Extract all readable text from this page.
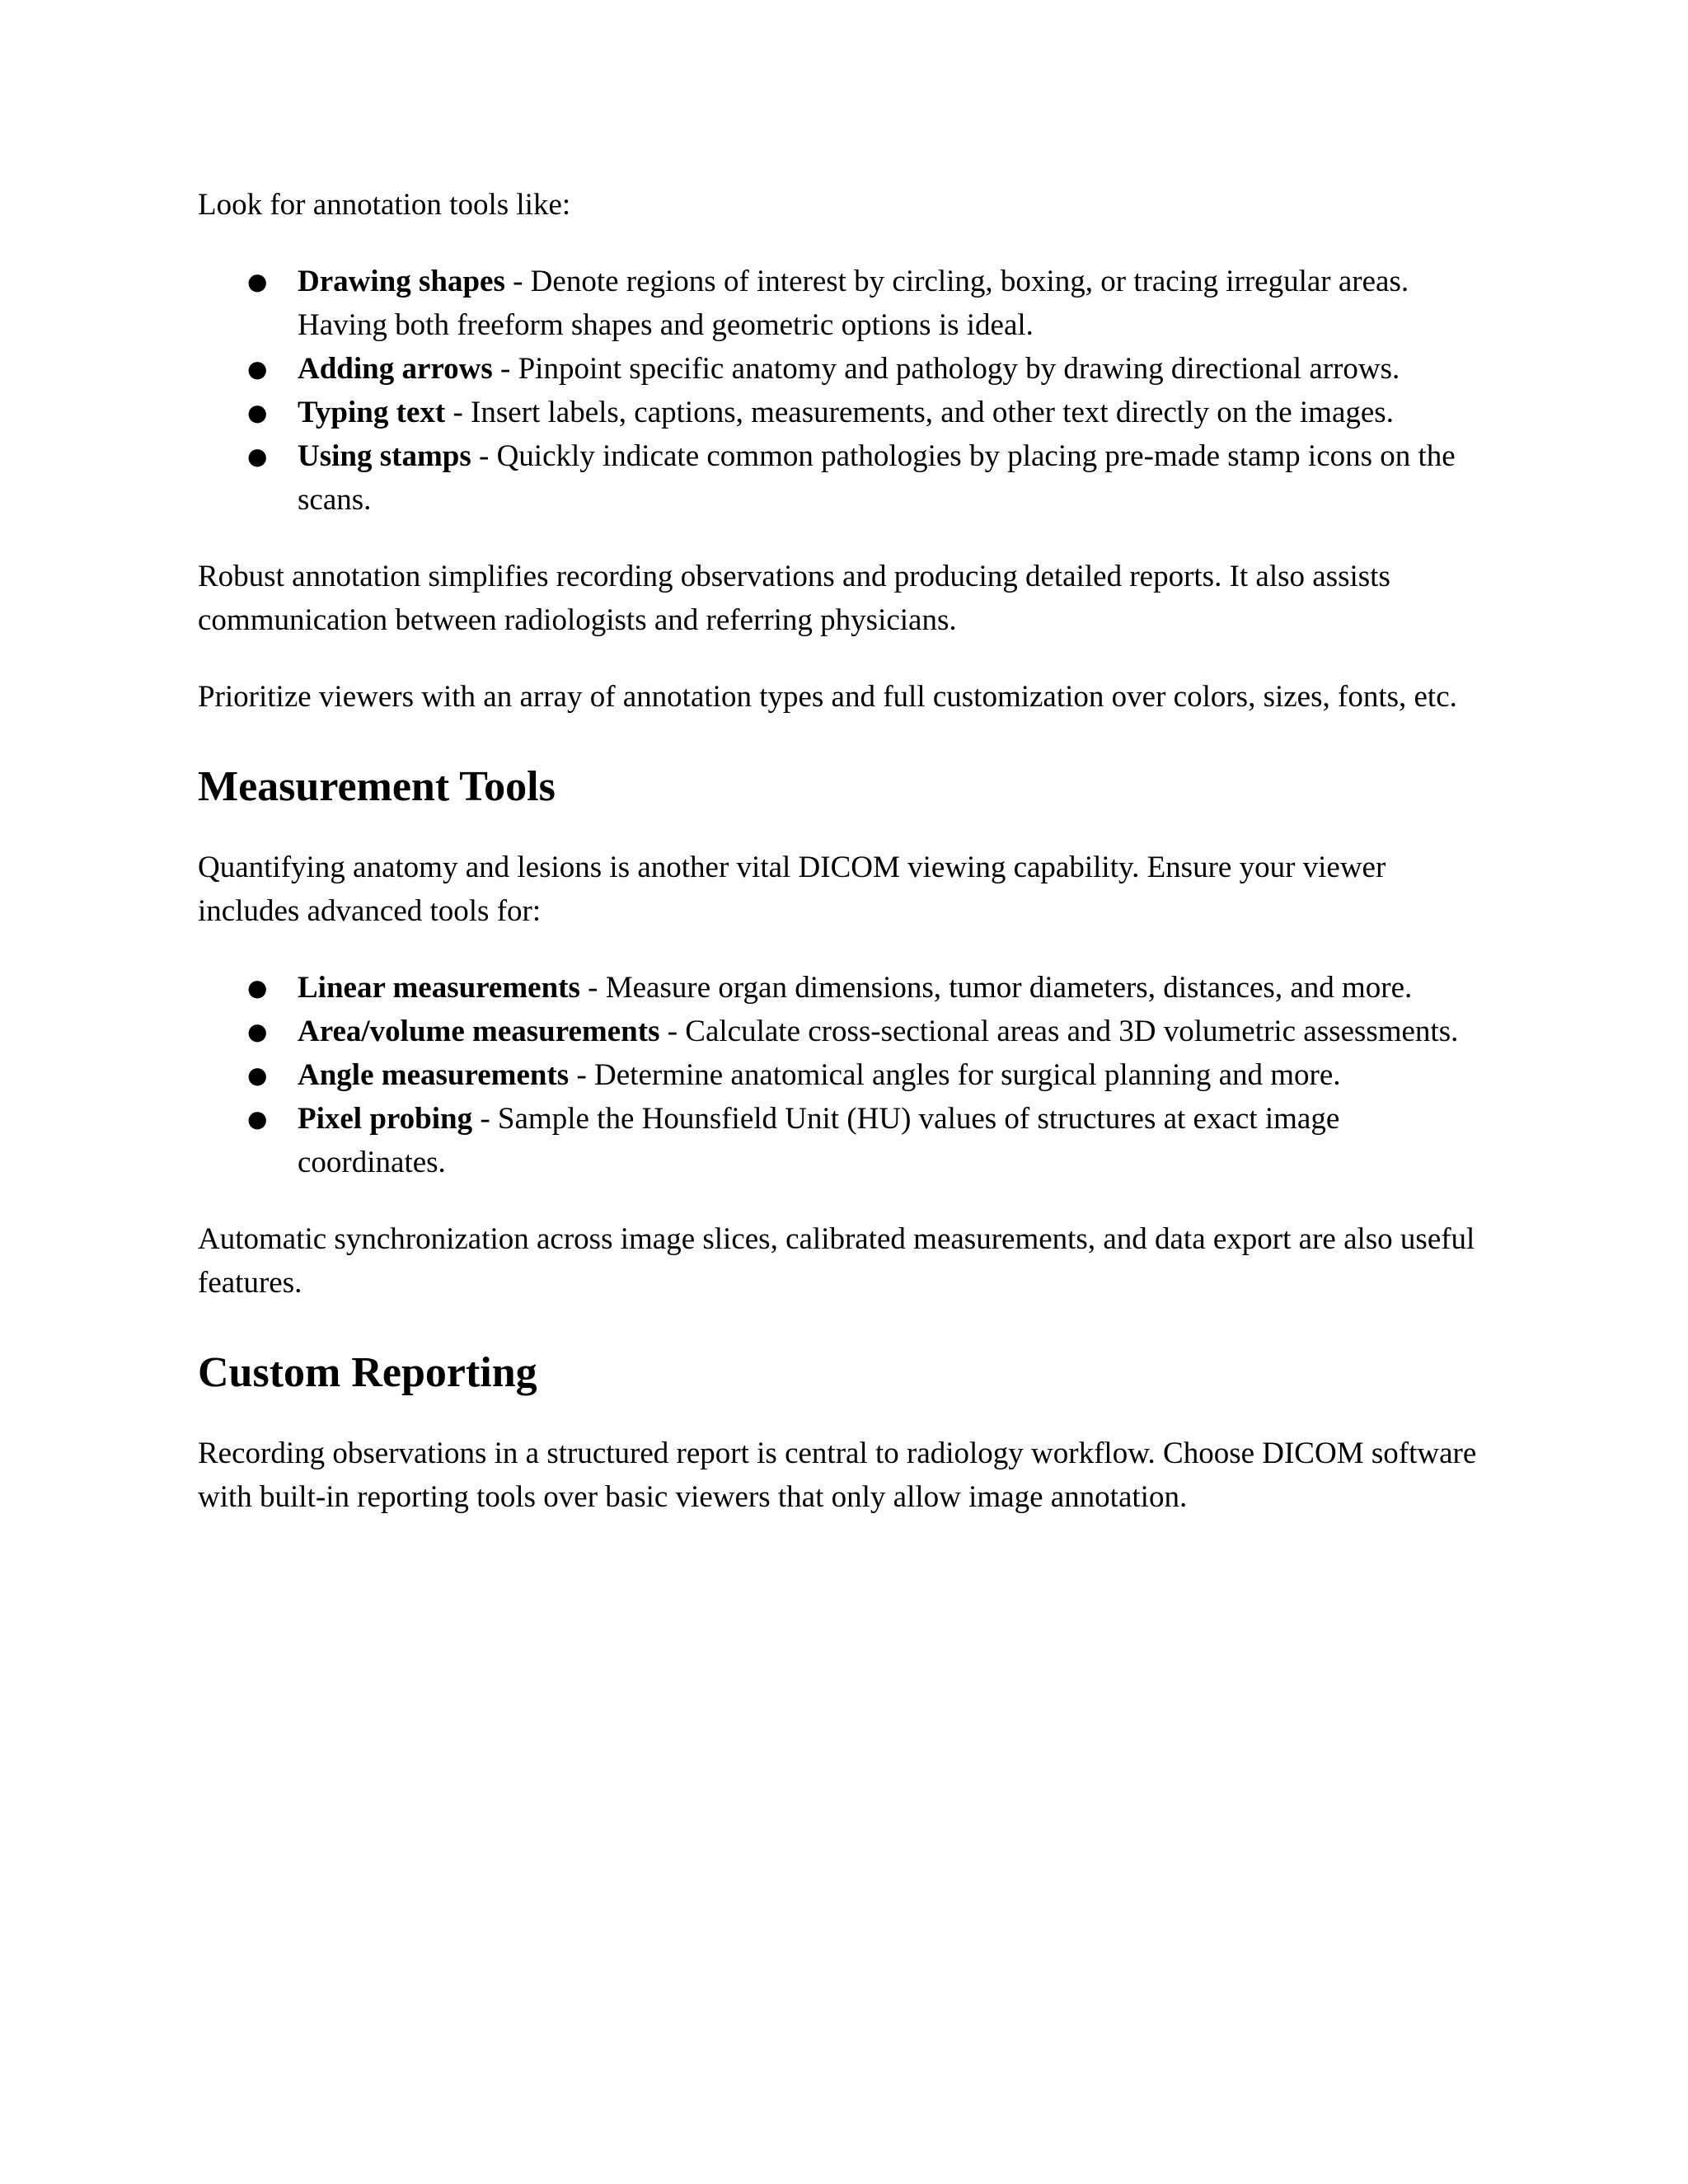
Look for annotation tools like:

● Drawing shapes - Denote regions of interest by circling, boxing, or tracing irregular areas. Having both freeform shapes and geometric options is ideal.
● Adding arrows - Pinpoint specific anatomy and pathology by drawing directional arrows.
● Typing text - Insert labels, captions, measurements, and other text directly on the images.
● Using stamps - Quickly indicate common pathologies by placing pre-made stamp icons on the scans.

Robust annotation simplifies recording observations and producing detailed reports. It also assists communication between radiologists and referring physicians.

Prioritize viewers with an array of annotation types and full customization over colors, sizes, fonts, etc.

Measurement Tools

Quantifying anatomy and lesions is another vital DICOM viewing capability. Ensure your viewer includes advanced tools for:

● Linear measurements - Measure organ dimensions, tumor diameters, distances, and more.
● Area/volume measurements - Calculate cross-sectional areas and 3D volumetric assessments.
● Angle measurements - Determine anatomical angles for surgical planning and more.
● Pixel probing - Sample the Hounsfield Unit (HU) values of structures at exact image coordinates.

Automatic synchronization across image slices, calibrated measurements, and data export are also useful features.

Custom Reporting

Recording observations in a structured report is central to radiology workflow. Choose DICOM software with built-in reporting tools over basic viewers that only allow image annotation.
